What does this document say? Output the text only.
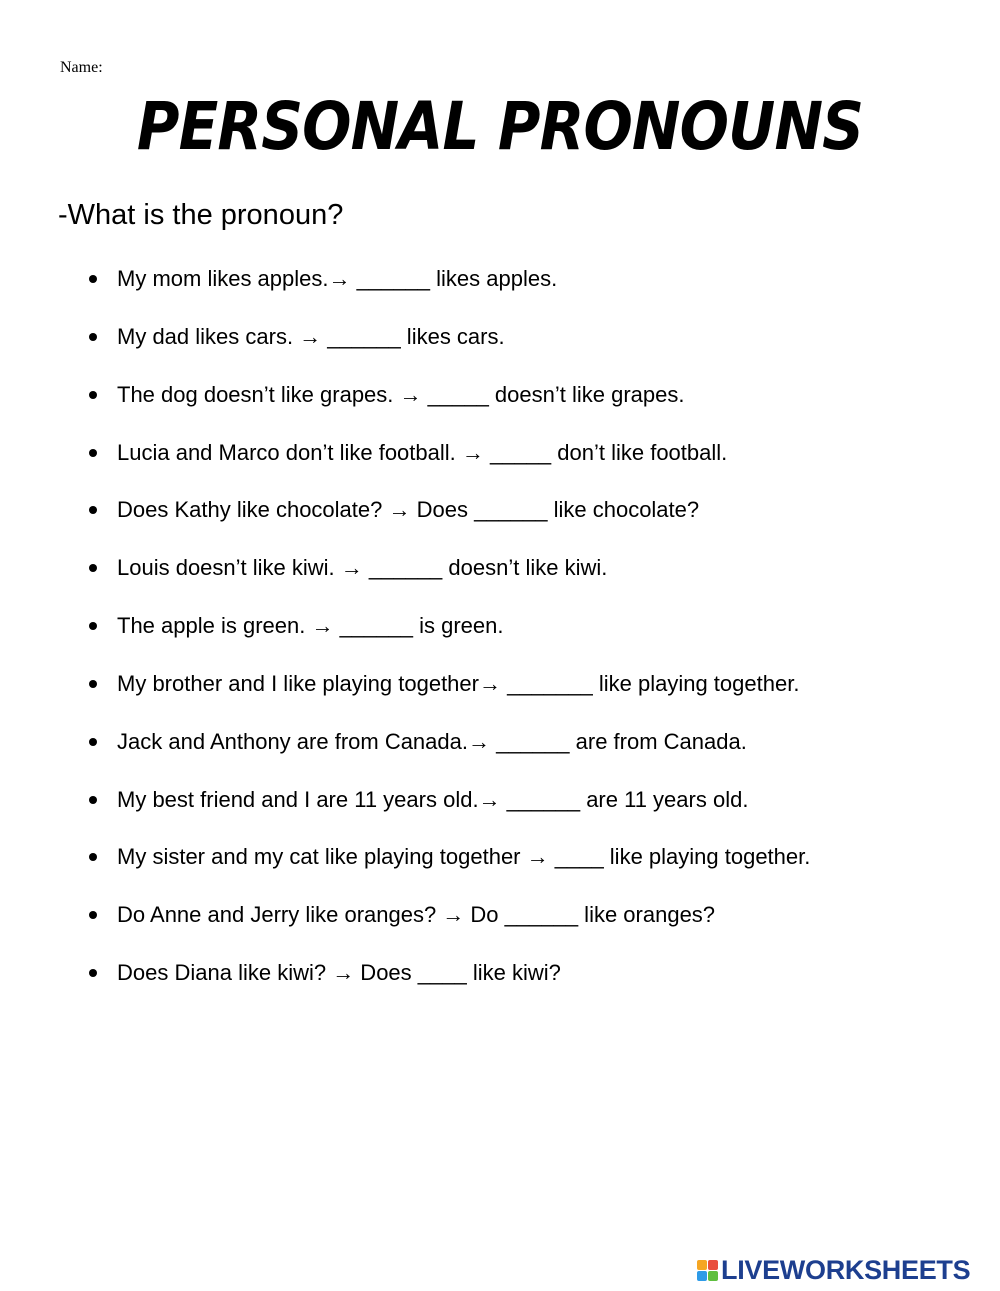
Name:
PERSONAL PRONOUNS
-What is the pronoun?
My mom likes apples.→ ______ likes apples.
My dad likes cars. → ______ likes cars.
The dog doesn’t like grapes. → _____ doesn’t like grapes.
Lucia and Marco don’t like football. → _____ don’t like football.
Does Kathy like chocolate? → Does ______ like chocolate?
Louis doesn’t like kiwi. → ______ doesn’t like kiwi.
The apple is green. → ______ is green.
My brother and I like playing together→ _______ like playing together.
Jack and Anthony are from Canada.→ ______ are from Canada.
My best friend and I are 11 years old.→ ______ are 11 years old.
My sister and my cat like playing together → ____ like playing together.
Do Anne and Jerry like oranges? → Do ______ like oranges?
Does Diana like kiwi? → Does ____ like kiwi?
LIVEWORKSHEETS
